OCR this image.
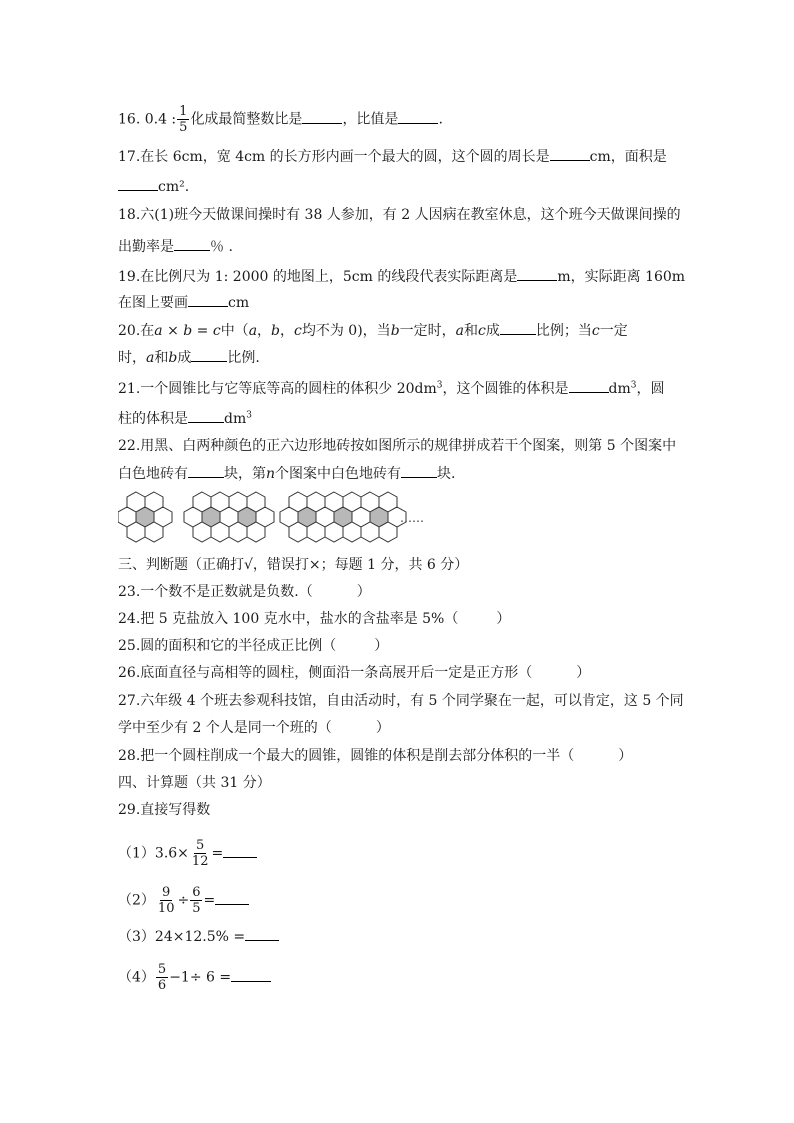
16. 0.4 : $\frac{1}{5}$ 化成最简整数比是	，比值是	.
17.在长 6cm，宽 4cm 的长方形内画一个最大的圆，这个圆的周长是	cm，面积是
cm².
18.六(1)班今天做课间操时有 38 人参加，有 2 人因病在教室休息，这个班今天做课间操的
出勤率是	％ .
19.在比例尺为 1: 2000 的地图上，5cm 的线段代表实际距离是	m，实际距离 160m
在图上要画	cm
20.在a × b = c中（a，b，c均不为 0)，当b一定时，a和c成	比例；当c一定
时，a和b成	比例.
21.一个圆锥比与它等底等高的圆柱的体积少 $20dm^3$，这个圆锥的体积是	$dm^3$，圆
柱的体积是	$dm^3$
22.用黑、白两种颜色的正六边形地砖按如图所示的规律拼成若干个图案，则第 5 个图案中
白色地砖有	块，第n个图案中白色地砖有	块.
……
三、判断题（正确打√，错误打×；每题 1 分，共 6 分）
23.一个数不是正数就是负数.（	）
24.把 5 克盐放入 100 克水中，盐水的含盐率是 5%（	）
25.圆的面积和它的半径成正比例（	）
26.底面直径与高相等的圆柱，侧面沿一条高展开后一定是正方形（	）
27.六年级 4 个班去参观科技馆，自由活动时，有 5 个同学聚在一起，可以肯定，这 5 个同
学中至少有 2 个人是同一个班的（	）
28.把一个圆柱削成一个最大的圆锥，圆锥的体积是削去部分体积的一半（	）
四、计算题（共 31 分）
29.直接写得数
$(1)3.6\times \frac{5}{12}$ =
$(2) \frac{9}{10} \div \frac{6}{5}$ =
（3）24×12.5% =
$(4) \frac{5}{6} -1\div 6$ =
